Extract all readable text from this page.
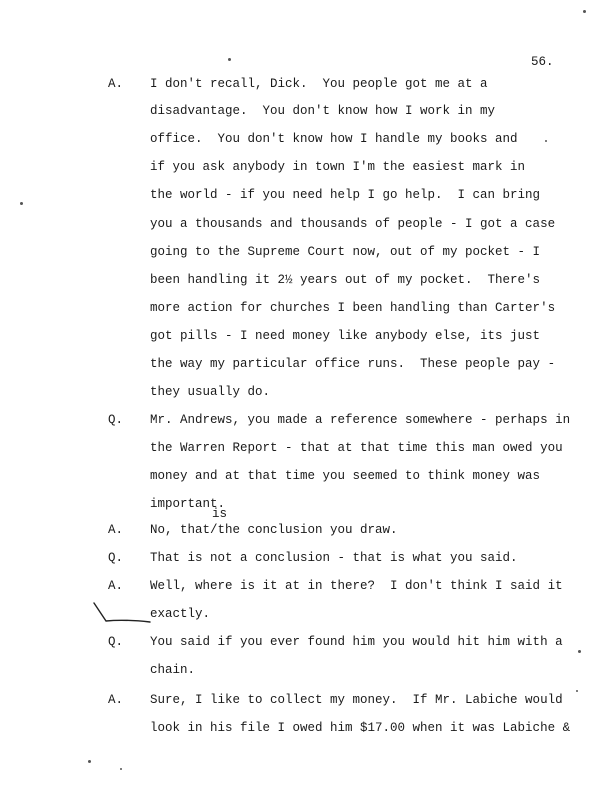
56.
A. I don't recall, Dick.  You people got me at a
disadvantage.  You don't know how I work in my
office.  You don't know how I handle my books and
if you ask anybody in town I'm the easiest mark in
the world - if you need help I go help.  I can bring
you a thousands and thousands of people - I got a case
going to the Supreme Court now, out of my pocket - I
been handling it 2½ years out of my pocket.  There's
more action for churches I been handling than Carter's
got pills - I need money like anybody else, its just
the way my particular office runs.  These people pay -
they usually do.
Q. Mr. Andrews, you made a reference somewhere - perhaps in
the Warren Report - that at that time this man owed you
money and at that time you seemed to think money was
important.
is
A. No, that/the conclusion you draw.
Q. That is not a conclusion - that is what you said.
A. Well, where is it at in there?  I don't think I said it
exactly.
Q. You said if you ever found him you would hit him with a
chain.
A. Sure, I like to collect my money.  If Mr. Labiche would
look in his file I owed him $17.00 when it was Labiche &
